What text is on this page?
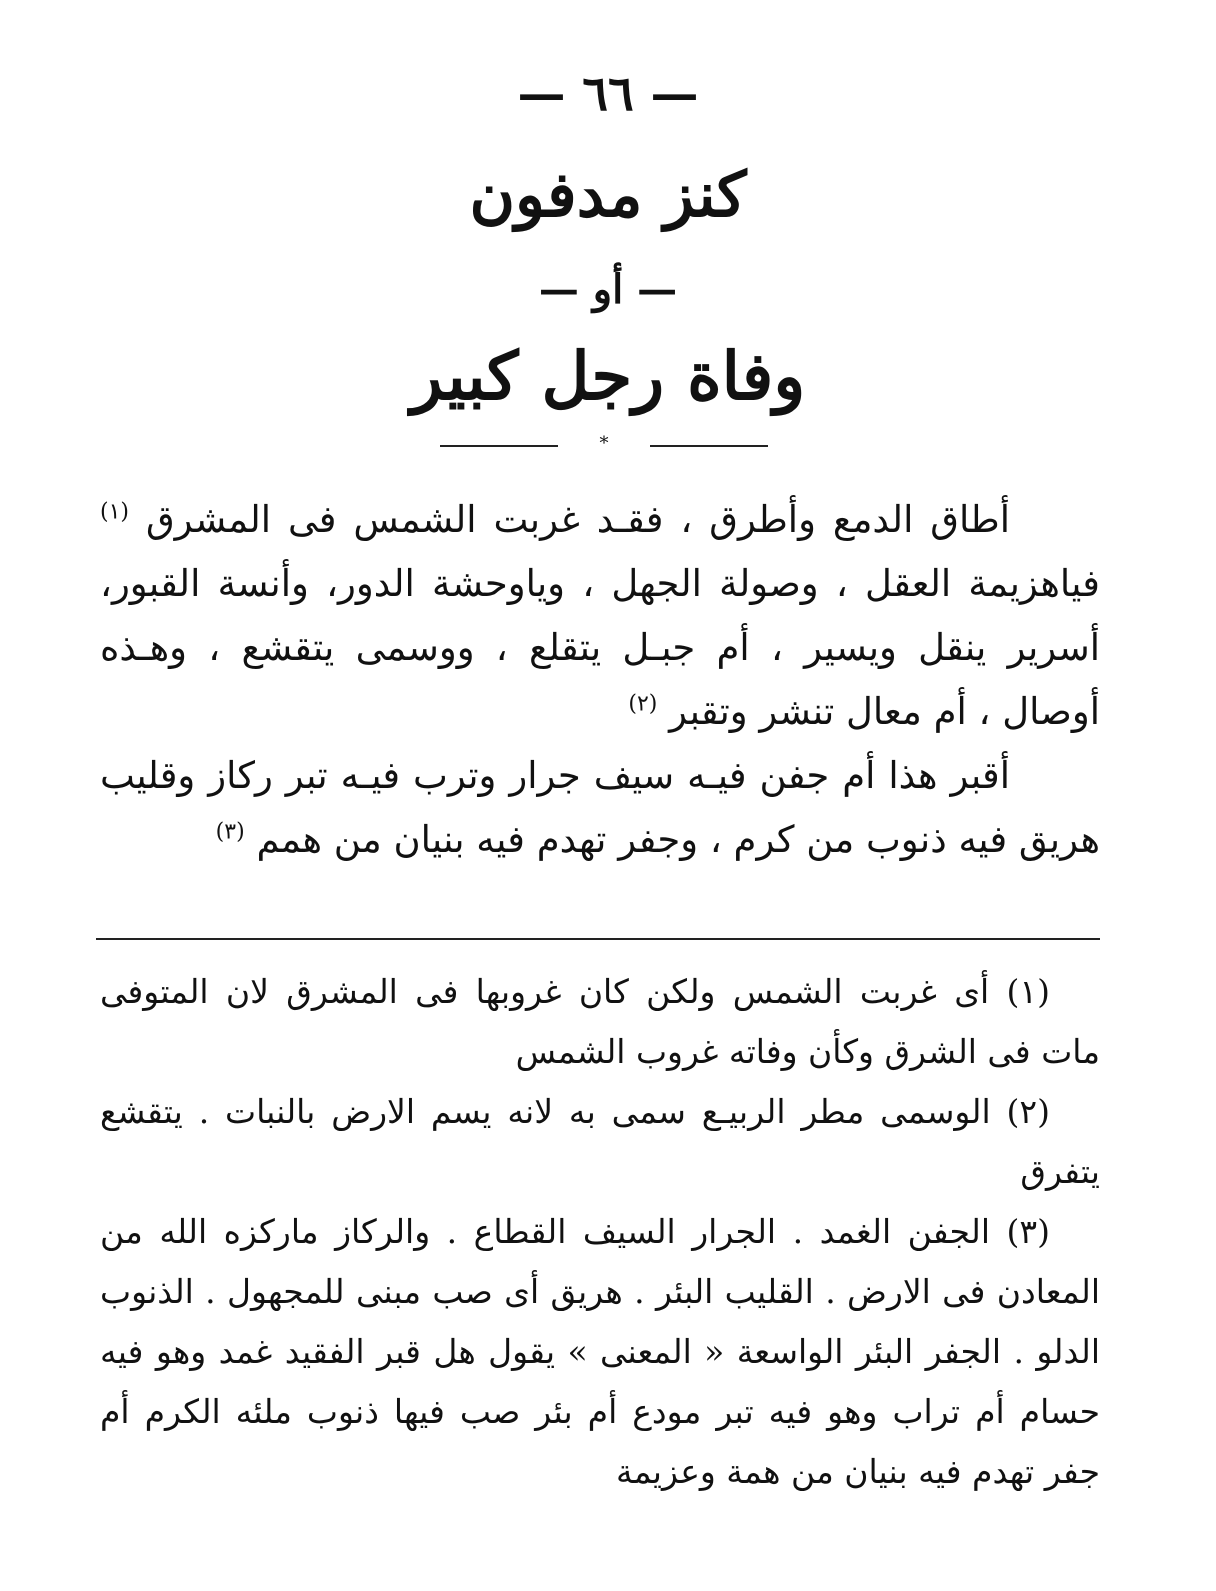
— ٦٦ —
كنز مدفون
— أو —
وفاة رجل كبير
*

أطاق الدمع وأطرق ، فقـد غربت الشمس فى المشرق $^{(١)}$ فياهزيمة العقل ، وصولة الجهل ، وياوحشة الدور، وأنسة القبور، أسرير ينقل ويسير ، أم جبـل يتقلع ، ووسمى يتقشع ، وهـذه أوصال ، أم معال تنشر وتقبر $^{(٢)}$

أقبر هذا أم جفن فيـه سيف جرار وترب فيـه تبر ركاز وقليب هريق فيه ذنوب من كرم ، وجفر تهدم فيه بنيان من همم $^{(٣)}$

(١) أى غربت الشمس ولكن كان غروبها فى المشرق لان المتوفى مات فى الشرق وكأن وفاته غروب الشمس

(٢) الوسمى مطر الربيـع سمى به لانه يسم الارض بالنبات . يتقشع يتفرق

(٣) الجفن الغمد . الجرار السيف القطاع . والركاز ماركزه الله من المعادن فى الارض . القليب البئر . هريق أى صب مبنى للمجهول . الذنوب الدلو . الجفر البئر الواسعة « المعنى » يقول هل قبر الفقيد غمد وهو فيه حسام أم تراب وهو فيه تبر مودع أم بئر صب فيها ذنوب ملئه الكرم أم جفر تهدم فيه بنيان من همة وعزيمة
